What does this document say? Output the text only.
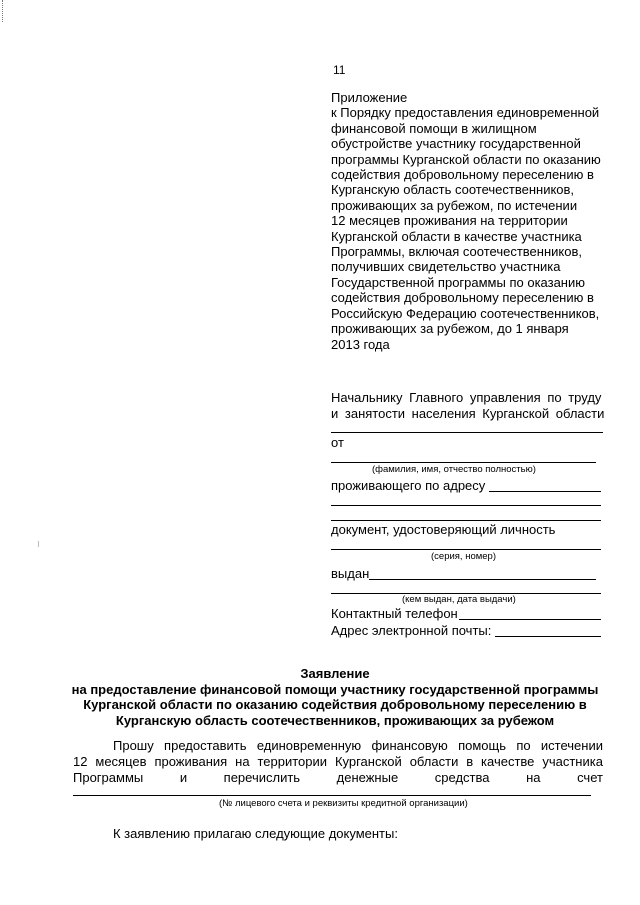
11
Приложение
к Порядку предоставления единовременной
финансовой помощи в жилищном
обустройстве участнику государственной
программы Курганской области по оказанию
содействия добровольному переселению в
Курганскую область соотечественников,
проживающих за рубежом, по истечении
12 месяцев проживания на территории
Курганской области в качестве участника
Программы, включая соотечественников,
получивших свидетельство участника
Государственной программы по оказанию
содействия добровольному переселению в
Российскую Федерацию соотечественников,
проживающих за рубежом, до 1 января
2013 года
Начальнику Главного управления по труду
и занятости населения Курганской области
от
(фамилия, имя, отчество полностью)
проживающего по адресу
документ, удостоверяющий личность
(серия, номер)
выдан
(кем выдан, дата выдачи)
Контактный телефон
Адрес электронной почты:
Заявление
на предоставление финансовой помощи участнику государственной программы
Курганской области по оказанию содействия добровольному переселению в
Курганскую область соотечественников, проживающих за рубежом
Прошу предоставить единовременную финансовую помощь по истечении
12 месяцев проживания на территории Курганской области в качестве участника
Программы	и	перечислить	денежные	средства	на	счет
(№ лицевого счета и реквизиты кредитной организации)
К заявлению прилагаю следующие документы:
